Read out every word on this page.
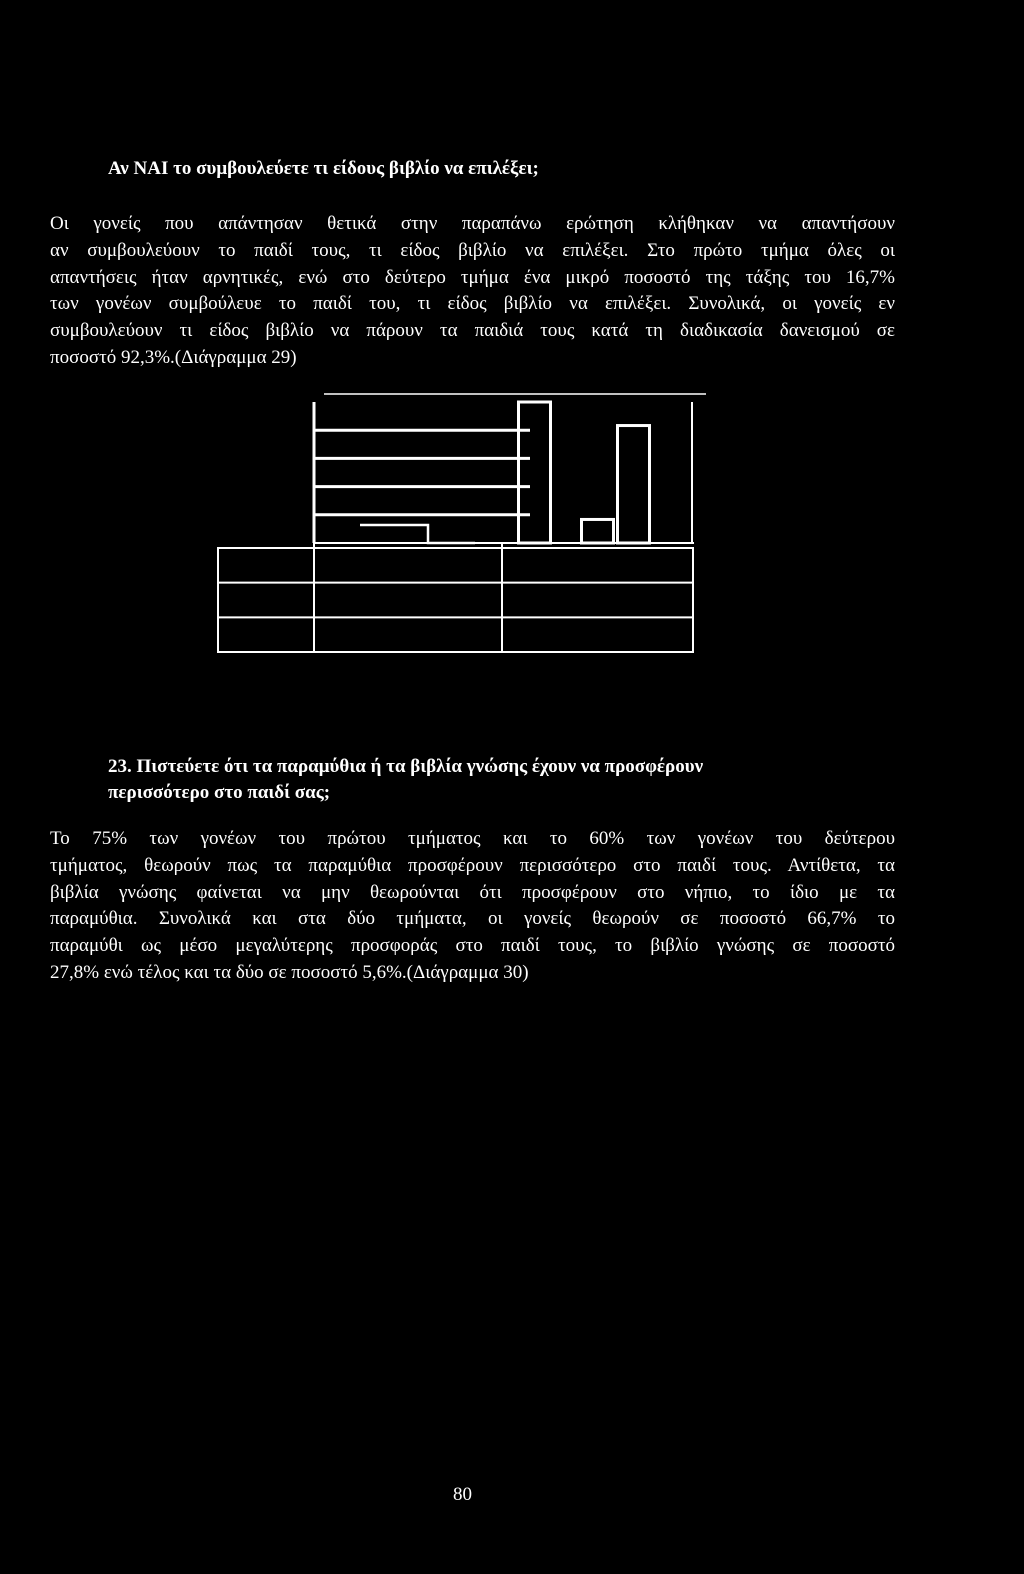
Αν ΝΑΙ το συμβουλεύετε τι είδους βιβλίο να επιλέξει;
Οι γονείς που απάντησαν θετικά στην παραπάνω ερώτηση κλήθηκαν να απαντήσουν
αν συμβουλεύουν το παιδί τους, τι είδος βιβλίο να επιλέξει. Στο πρώτο τμήμα όλες οι
απαντήσεις ήταν αρνητικές, ενώ στο δεύτερο τμήμα ένα μικρό ποσοστό της τάξης του 16,7%
των γονέων συμβούλευε το παιδί του, τι είδος βιβλίο να επιλέξει. Συνολικά, οι γονείς εν
συμβουλεύουν τι είδος βιβλίο να πάρουν τα παιδιά τους κατά τη διαδικασία δανεισμού σε
ποσοστό 92,3%.(Διάγραμμα 29)
23. Πιστεύετε ότι τα παραμύθια ή τα βιβλία γνώσης έχουν να προσφέρουν
περισσότερο στο παιδί σας;
Το 75% των γονέων του πρώτου τμήματος και το 60% των γονέων του δεύτερου
τμήματος, θεωρούν πως τα παραμύθια προσφέρουν περισσότερο στο παιδί τους. Αντίθετα, τα
βιβλία γνώσης φαίνεται να μην θεωρούνται ότι προσφέρουν στο νήπιο, το ίδιο με τα
παραμύθια. Συνολικά και στα δύο τμήματα, οι γονείς θεωρούν σε ποσοστό 66,7% το
παραμύθι ως μέσο μεγαλύτερης προσφοράς στο παιδί τους, το βιβλίο γνώσης σε ποσοστό
27,8% ενώ τέλος και τα δύο σε ποσοστό 5,6%.(Διάγραμμα 30)
80
